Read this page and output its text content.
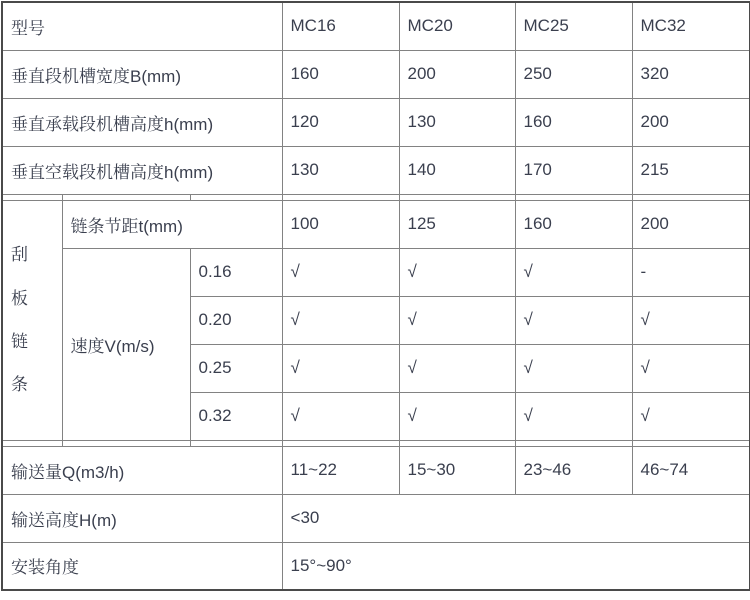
型号			MC16	MC20	MC25	MC32
垂直段机槽宽度B(mm)			160	200	250	320
垂直承载段机槽高度h(mm)			120	130	160	200
垂直空载段机槽高度h(mm)			130	140	170	215

刮板链条	链条节距t(mm)		100	125	160	200
	速度V(m/s)	0.16	√	√	√	-
		0.20	√	√	√	√
		0.25	√	√	√	√
		0.32	√	√	√	√

输送量Q(m3/h)			11~22	15~30	23~46	46~74
输送高度H(m)			<30			
安装角度			15°~90°			
